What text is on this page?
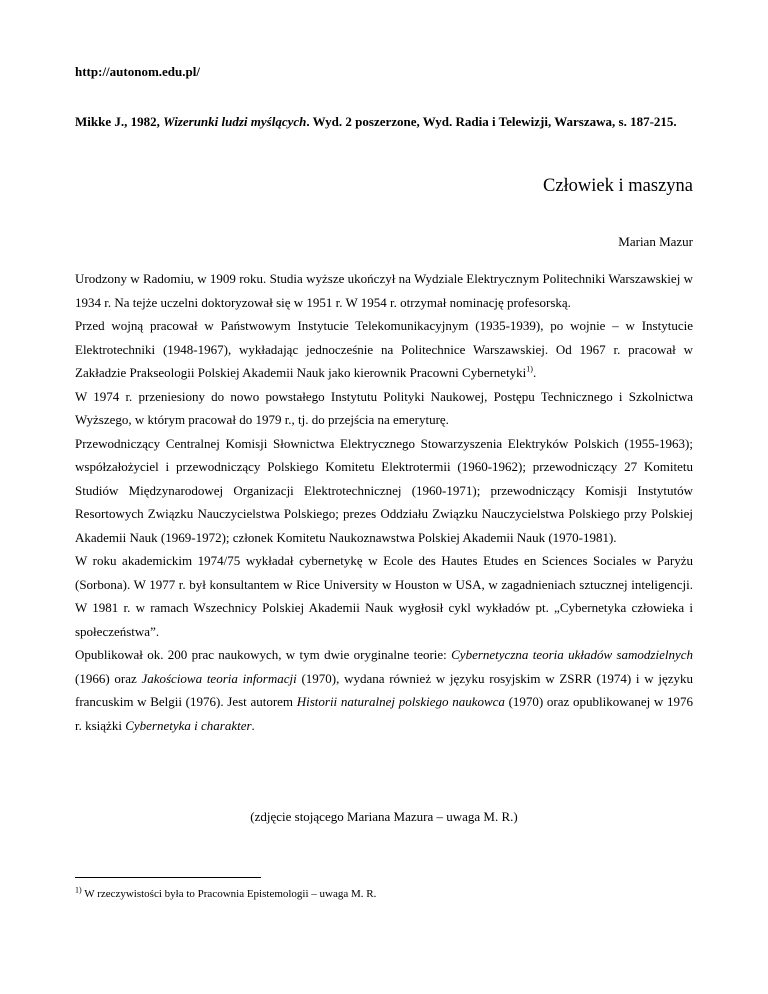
http://autonom.edu.pl/
Mikke J., 1982, Wizerunki ludzi myślących. Wyd. 2 poszerzone, Wyd. Radia i Telewizji, Warszawa, s. 187-215.
Człowiek i maszyna
Marian Mazur

Urodzony w Radomiu, w 1909 roku. Studia wyższe ukończył na Wydziale Elektrycznym Politechniki Warszawskiej w 1934 r. Na tejże uczelni doktoryzował się w 1951 r. W 1954 r. otrzymał nominację profesorską.

Przed wojną pracował w Państwowym Instytucie Telekomunikacyjnym (1935-1939), po wojnie – w Instytucie Elektrotechniki (1948-1967), wykładając jednocześnie na Politechnice Warszawskiej. Od 1967 r. pracował w Zakładzie Prakseologii Polskiej Akademii Nauk jako kierownik Pracowni Cybernetyki$^{1)}$.

W 1974 r. przeniesiony do nowo powstałego Instytutu Polityki Naukowej, Postępu Technicznego i Szkolnictwa Wyższego, w którym pracował do 1979 r., tj. do przejścia na emeryturę.

Przewodniczący Centralnej Komisji Słownictwa Elektrycznego Stowarzyszenia Elektryków Polskich (1955-1963); współzałożyciel i przewodniczący Polskiego Komitetu Elektrotermii (1960-1962); przewodniczący 27 Komitetu Studiów Międzynarodowej Organizacji Elektrotechnicznej (1960-1971); przewodniczący Komisji Instytutów Resortowych Związku Nauczycielstwa Polskiego; prezes Oddziału Związku Nauczycielstwa Polskiego przy Polskiej Akademii Nauk (1969-1972); członek Komitetu Naukoznawstwa Polskiej Akademii Nauk (1970-1981).

W roku akademickim 1974/75 wykładał cybernetykę w Ecole des Hautes Etudes en Sciences Sociales w Paryżu (Sorbona). W 1977 r. był konsultantem w Rice University w Houston w USA, w zagadnieniach sztucznej inteligencji. W 1981 r. w ramach Wszechnicy Polskiej Akademii Nauk wygłosił cykl wykładów pt. „Cybernetyka człowieka i społeczeństwa”.

Opublikował ok. 200 prac naukowych, w tym dwie oryginalne teorie: Cybernetyczna teoria układów samodzielnych (1966) oraz Jakościowa teoria informacji (1970), wydana również w języku rosyjskim w ZSRR (1974) i w języku francuskim w Belgii (1976). Jest autorem Historii naturalnej polskiego naukowca (1970) oraz opublikowanej w 1976 r. książki Cybernetyka i charakter.

(zdjęcie stojącego Mariana Mazura – uwaga M. R.)
$^{1)}$ W rzeczywistości była to Pracownia Epistemologii – uwaga M. R.
